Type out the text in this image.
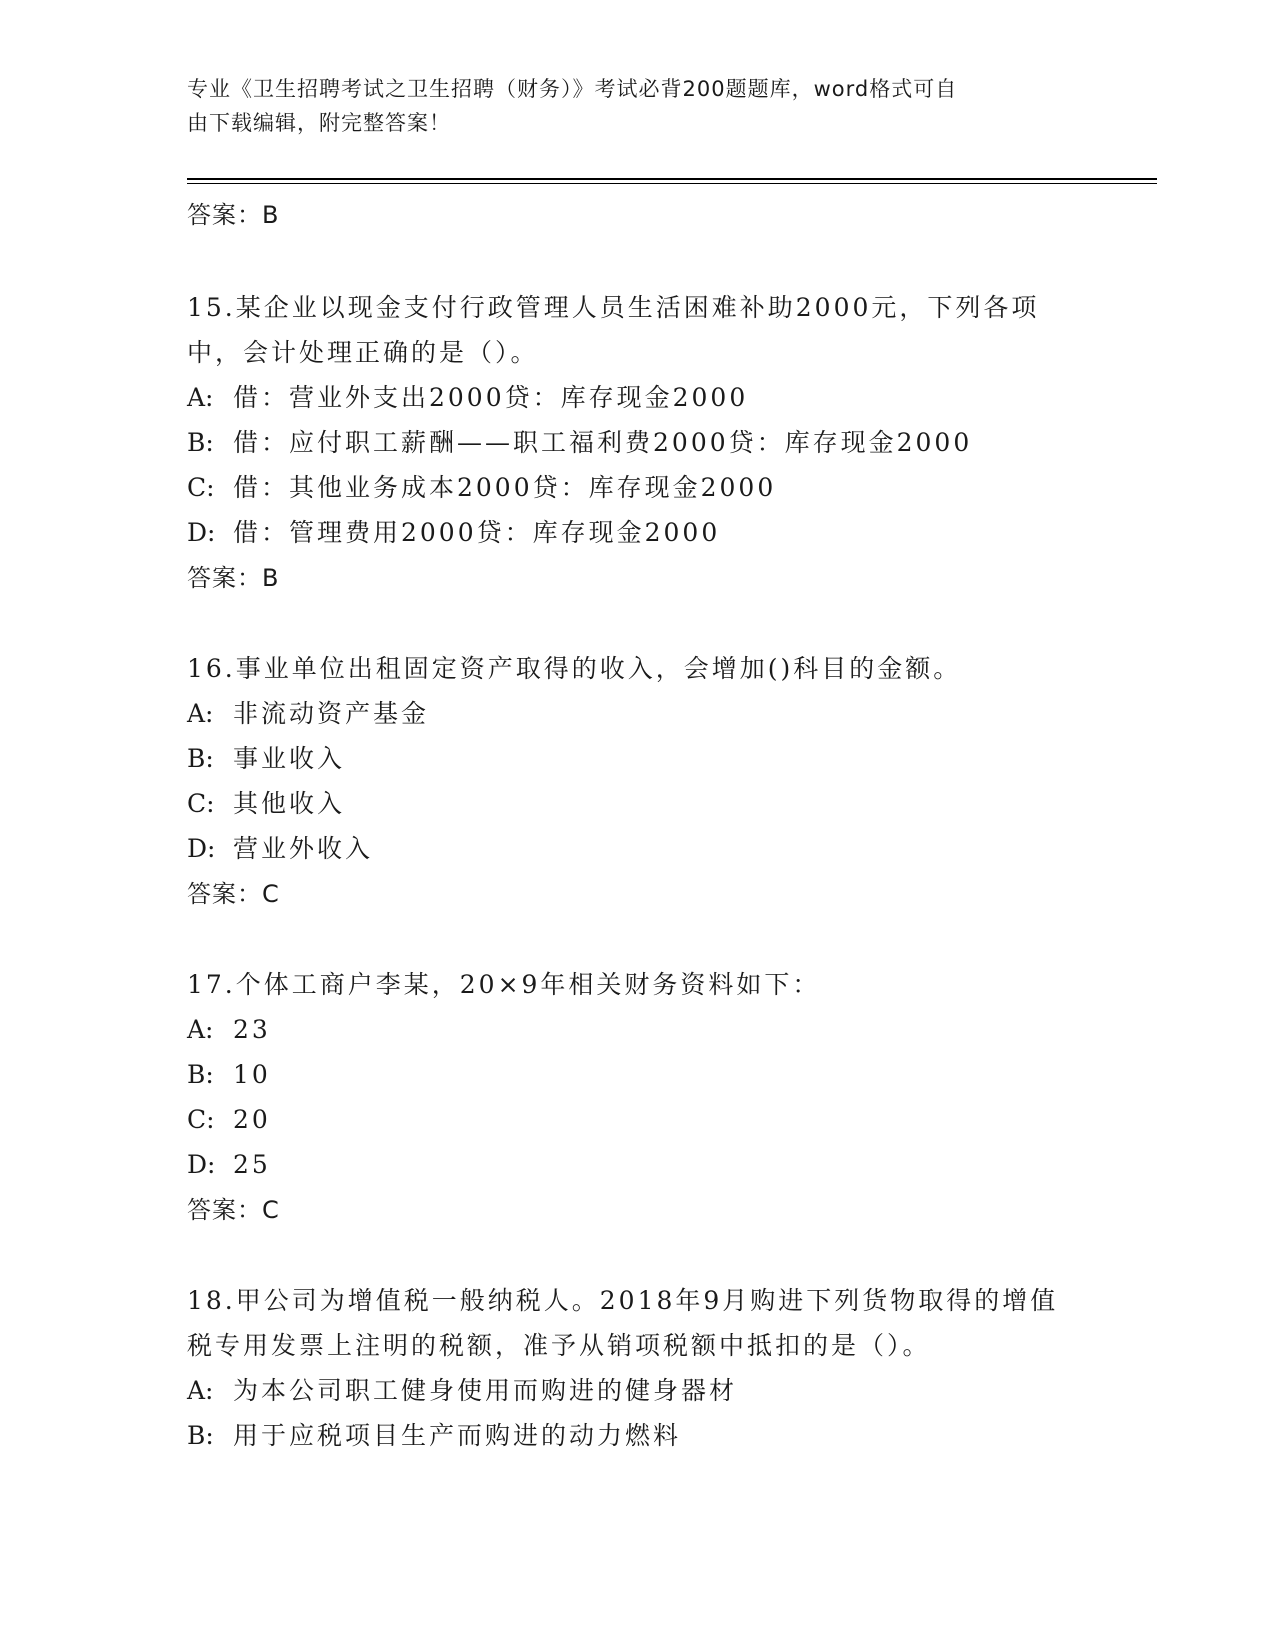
专业《卫生招聘考试之卫生招聘（财务）》考试必背200题题库，word格式可自
由下载编辑，附完整答案！
答案：B
15.某企业以现金支付行政管理人员生活困难补助2000元，下列各项
中，会计处理正确的是（）。
A: 借：营业外支出2000贷：库存现金2000
B: 借：应付职工薪酬——职工福利费2000贷：库存现金2000
C: 借：其他业务成本2000贷：库存现金2000
D: 借：管理费用2000贷：库存现金2000
答案：B
16.事业单位出租固定资产取得的收入，会增加()科目的金额。
A: 非流动资产基金
B: 事业收入
C: 其他收入
D: 营业外收入
答案：C
17.个体工商户李某，20×9年相关财务资料如下：
A: 23
B: 10
C: 20
D: 25
答案：C
18.甲公司为增值税一般纳税人。2018年9月购进下列货物取得的增值
税专用发票上注明的税额，准予从销项税额中抵扣的是（）。
A: 为本公司职工健身使用而购进的健身器材
B: 用于应税项目生产而购进的动力燃料
